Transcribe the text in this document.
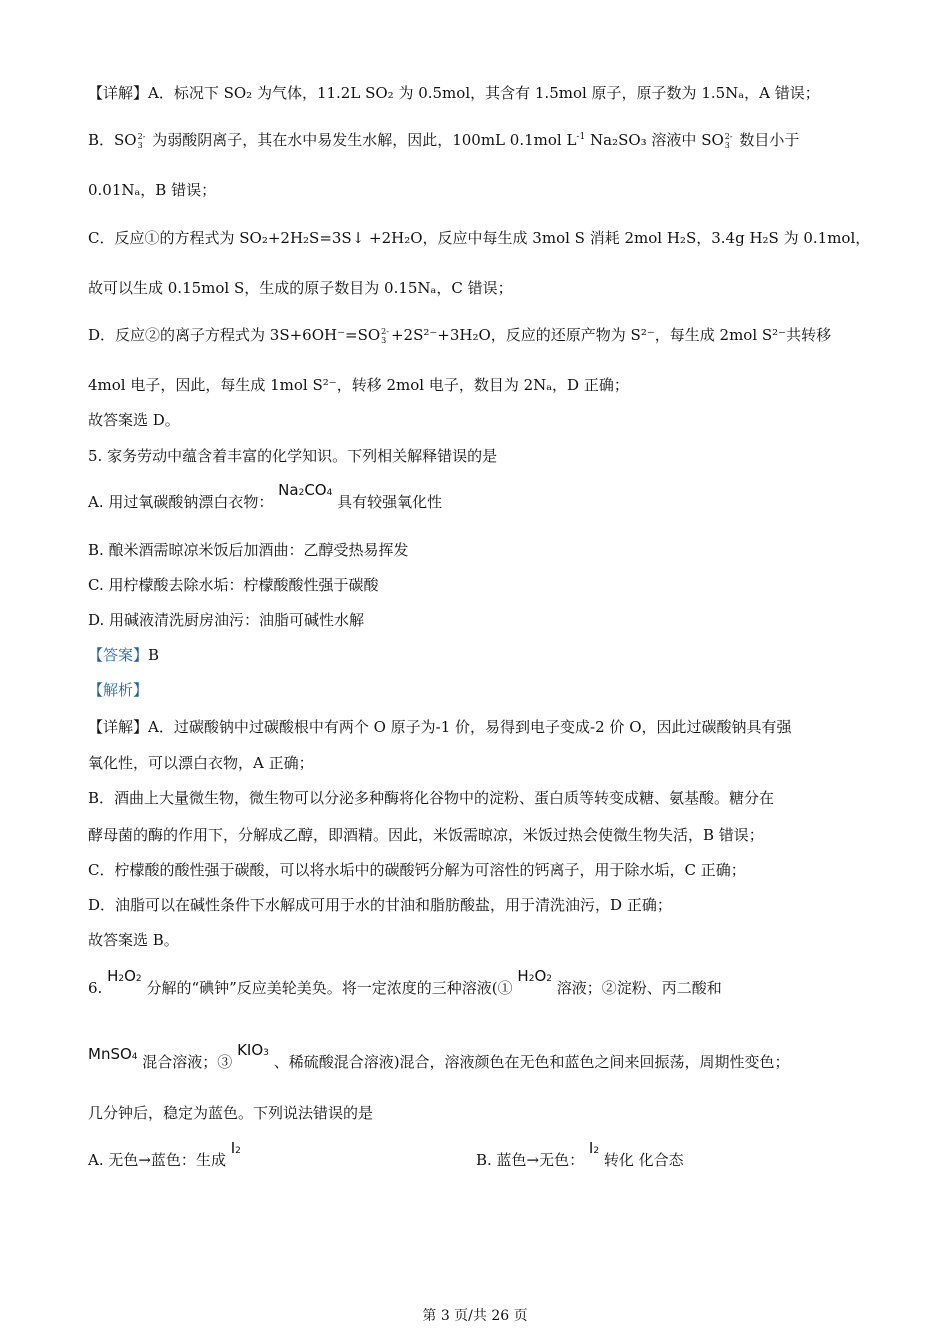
【详解】A．标况下 SO₂ 为气体，11.2L SO₂ 为 0.5mol，其含有 1.5mol 原子，原子数为 1.5Nₐ，A 错误；
B．SO 2-
3 为弱酸阴离子，其在水中易发生水解，因此，100mL 0.1mol $L^{-1}$ Na₂SO₃ 溶液中 SO 2-
3 数目小于
0.01Nₐ，B 错误；
C．反应①的方程式为 SO₂+2H₂S=3S↓ +2H₂O，反应中每生成 3mol S 消耗 2mol H₂S，3.4g H₂S 为 0.1mol，
故可以生成 0.15mol S，生成的原子数目为 0.15Nₐ，C 错误；
D．反应②的离子方程式为 3S+6OH⁻=SO 2-
3 +2S²⁻+3H₂O，反应的还原产物为 S²⁻，每生成 2mol S²⁻共转移
4mol 电子，因此，每生成 1mol S²⁻，转移 2mol 电子，数目为 2Nₐ，D 正确；
故答案选 D。
5. 家务劳动中蕴含着丰富的化学知识。下列相关解释错误的是
A. 用过氧碳酸钠漂白衣物： Na2CO4 具有较强氧化性
B. 酿米酒需晾凉米饭后加酒曲：乙醇受热易挥发
C. 用柠檬酸去除水垢：柠檬酸酸性强于碳酸
D. 用碱液清洗厨房油污：油脂可碱性水解
【答案】B
【解析】
【详解】A．过碳酸钠中过碳酸根中有两个 O 原子为-1 价，易得到电子变成-2 价 O，因此过碳酸钠具有强
氧化性，可以漂白衣物，A 正确；
B．酒曲上大量微生物，微生物可以分泌多种酶将化谷物中的淀粉、蛋白质等转变成糖、氨基酸。糖分在
酵母菌的酶的作用下，分解成乙醇，即酒精。因此，米饭需晾凉，米饭过热会使微生物失活，B 错误；
C．柠檬酸的酸性强于碳酸，可以将水垢中的碳酸钙分解为可溶性的钙离子，用于除水垢，C 正确；
D．油脂可以在碱性条件下水解成可用于水的甘油和脂肪酸盐，用于清洗油污，D 正确；
故答案选 B。
6. H2O2 分解的“碘钟”反应美轮美奂。将一定浓度的三种溶液(① H2O2 溶液；②淀粉、丙二酸和
MnSO4 混合溶液；③ KIO3 、稀硫酸混合溶液)混合，溶液颜色在无色和蓝色之间来回振荡，周期性变色；
几分钟后，稳定为蓝色。下列说法错误的是
A. 无色→蓝色：生成 I2	B. 蓝色→无色： I2 转化 化合态
第 3 页/共 26 页
